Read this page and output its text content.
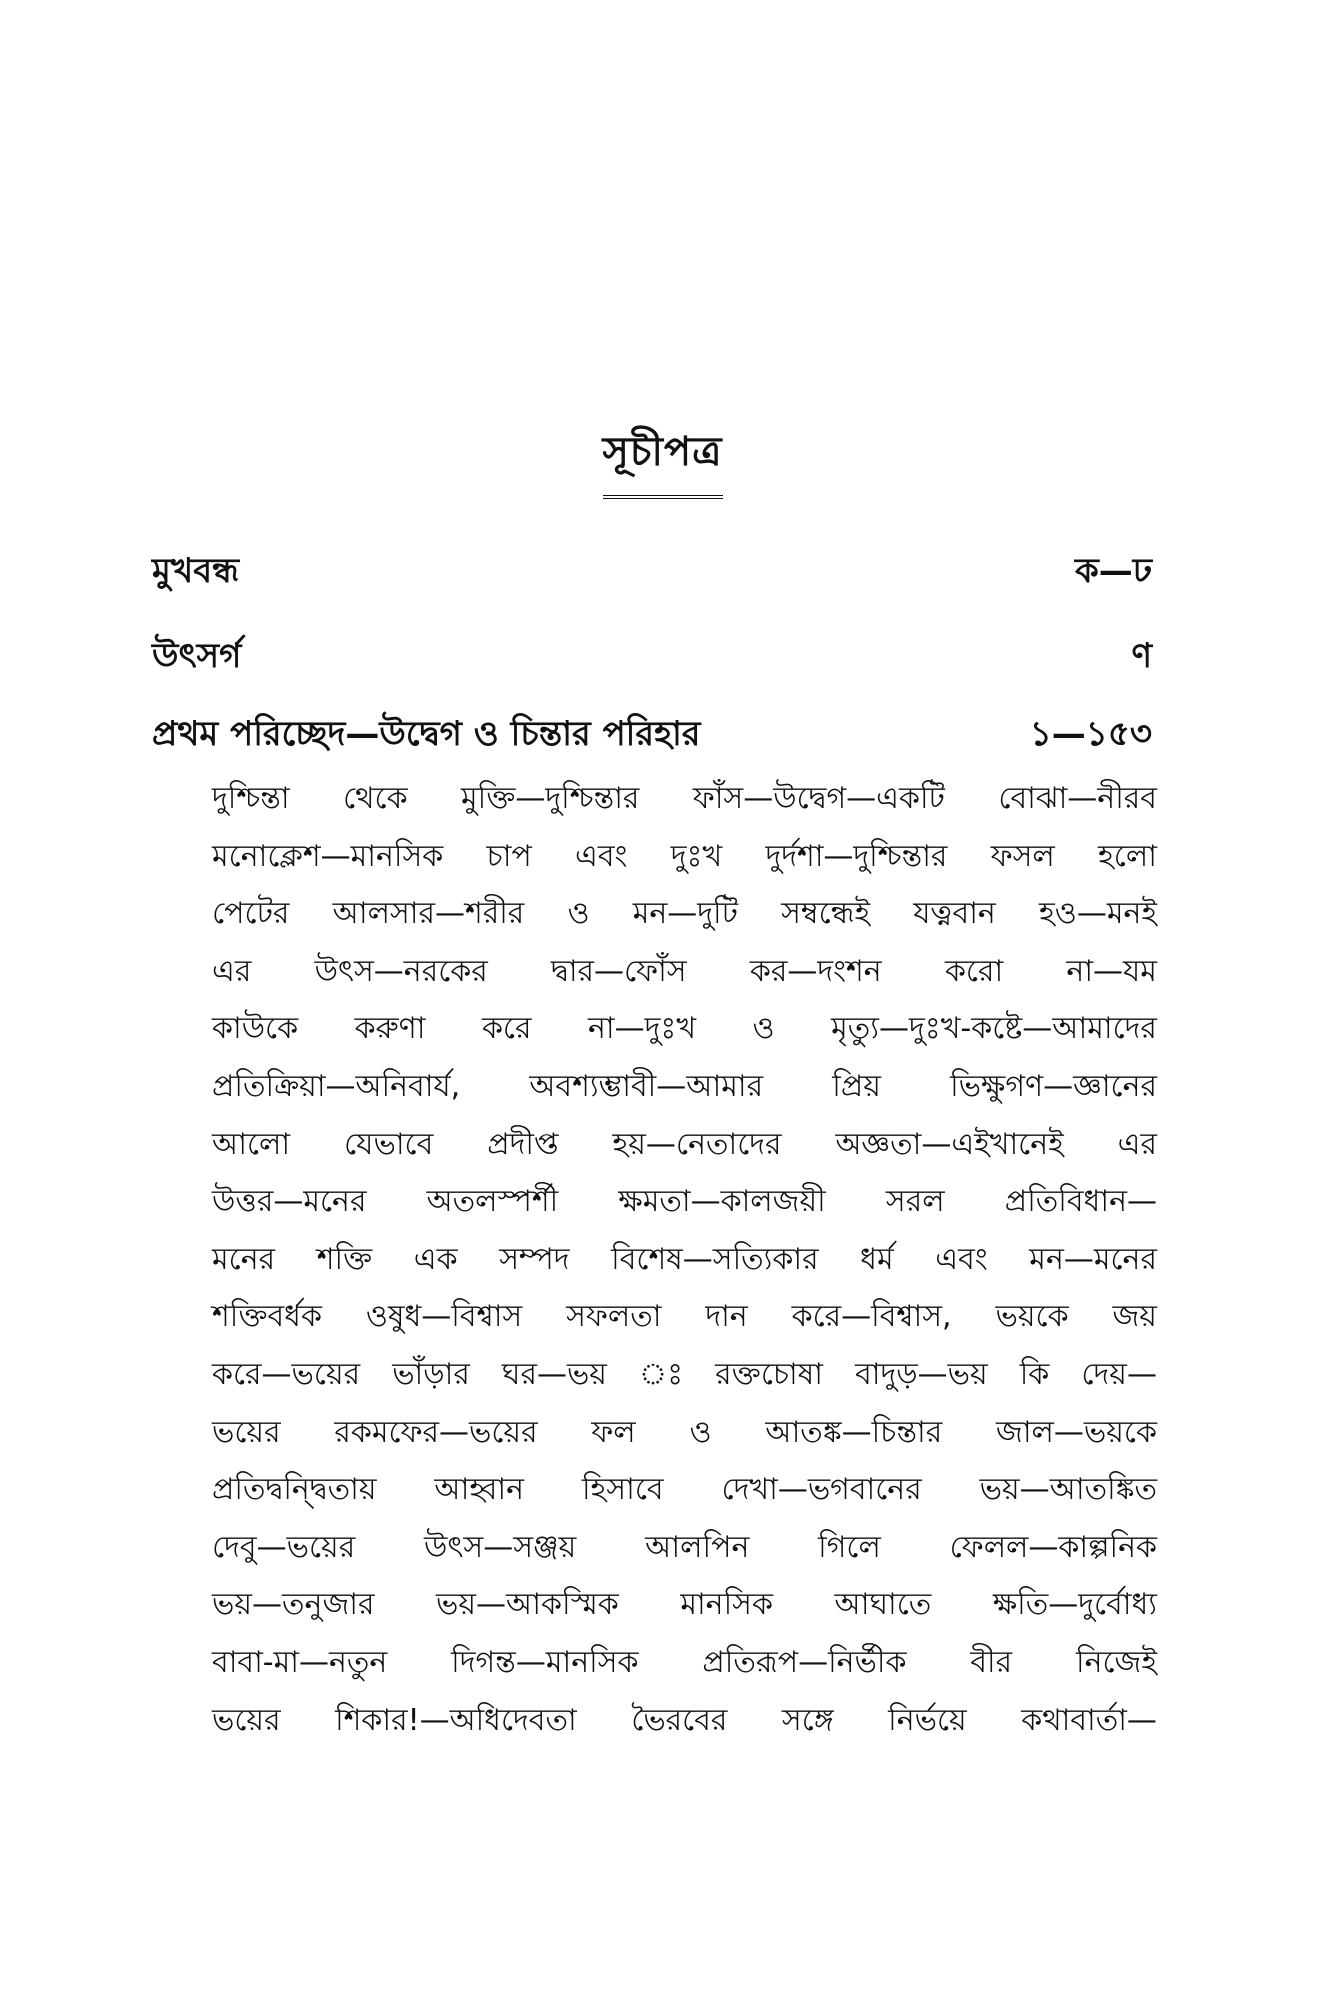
সূচীপত্র
মুখবন্ধ	ক—ঢ
উৎসর্গ	ণ
প্রথম পরিচ্ছেদ—উদ্বেগ ও চিন্তার পরিহার	১—১৫৩
দুশ্চিন্তা থেকে মুক্তি—দুশ্চিন্তার ফাঁস—উদ্বেগ—একটি বোঝা—নীরব
মনোক্লেশ—মানসিক চাপ এবং দুঃখ দুর্দশা—দুশ্চিন্তার ফসল হলো
পেটের আলসার—শরীর ও মন—দুটি সম্বন্ধেই যত্নবান হও—মনই
এর উৎস—নরকের দ্বার—ফোঁস কর—দংশন করো না—যম
কাউকে করুণা করে না—দুঃখ ও মৃত্যু—দুঃখ-কষ্টে—আমাদের
প্রতিক্রিয়া—অনিবার্য, অবশ্যম্ভাবী—আমার প্রিয় ভিক্ষুগণ—জ্ঞানের
আলো যেভাবে প্রদীপ্ত হয়—নেতাদের অজ্ঞতা—এইখানেই এর
উত্তর—মনের অতলস্পর্শী ক্ষমতা—কালজয়ী সরল প্রতিবিধান—
মনের শক্তি এক সম্পদ বিশেষ—সত্যিকার ধর্ম এবং মন—মনের
শক্তিবর্ধক ওষুধ—বিশ্বাস সফলতা দান করে—বিশ্বাস, ভয়কে জয়
করে—ভয়ের ভাঁড়ার ঘর—ভয় ঃ রক্তচোষা বাদুড়—ভয় কি দেয়—
ভয়ের রকমফের—ভয়ের ফল ও আতঙ্ক—চিন্তার জাল—ভয়কে
প্রতিদ্বন্দ্বিতায় আহ্বান হিসাবে দেখা—ভগবানের ভয়—আতঙ্কিত
দেবু—ভয়ের উৎস—সঞ্জয় আলপিন গিলে ফেলল—কাল্পনিক
ভয়—তনুজার ভয়—আকস্মিক মানসিক আঘাতে ক্ষতি—দুর্বোধ্য
বাবা-মা—নতুন দিগন্ত—মানসিক প্রতিরূপ—নির্ভীক বীর নিজেই
ভয়ের শিকার!—অধিদেবতা ভৈরবের সঙ্গে নির্ভয়ে কথাবার্তা—
